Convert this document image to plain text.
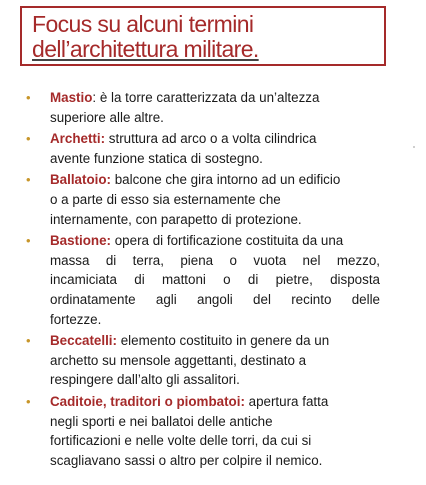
Focus su alcuni termini
dell’architettura militare.
• Mastio: è la torre caratterizzata da un’altezza
superiore alle altre.
• Archetti: struttura ad arco o a volta cilindrica
avente funzione statica di sostegno.
• Ballatoio: balcone che gira intorno ad un edificio
o a parte di esso sia esternamente che
internamente, con parapetto di protezione.
• Bastione: opera di fortificazione costituita da una
massa di terra, piena o vuota nel mezzo,
incamiciata di mattoni o di pietre, disposta
ordinatamente agli angoli del recinto delle
fortezze.
• Beccatelli: elemento costituito in genere da un
archetto su mensole aggettanti, destinato a
respingere dall’alto gli assalitori.
• Caditoie, traditori o piombatoi: apertura fatta
negli sporti e nei ballatoi delle antiche
fortificazioni e nelle volte delle torri, da cui si
scagliavano sassi o altro per colpire il nemico.
